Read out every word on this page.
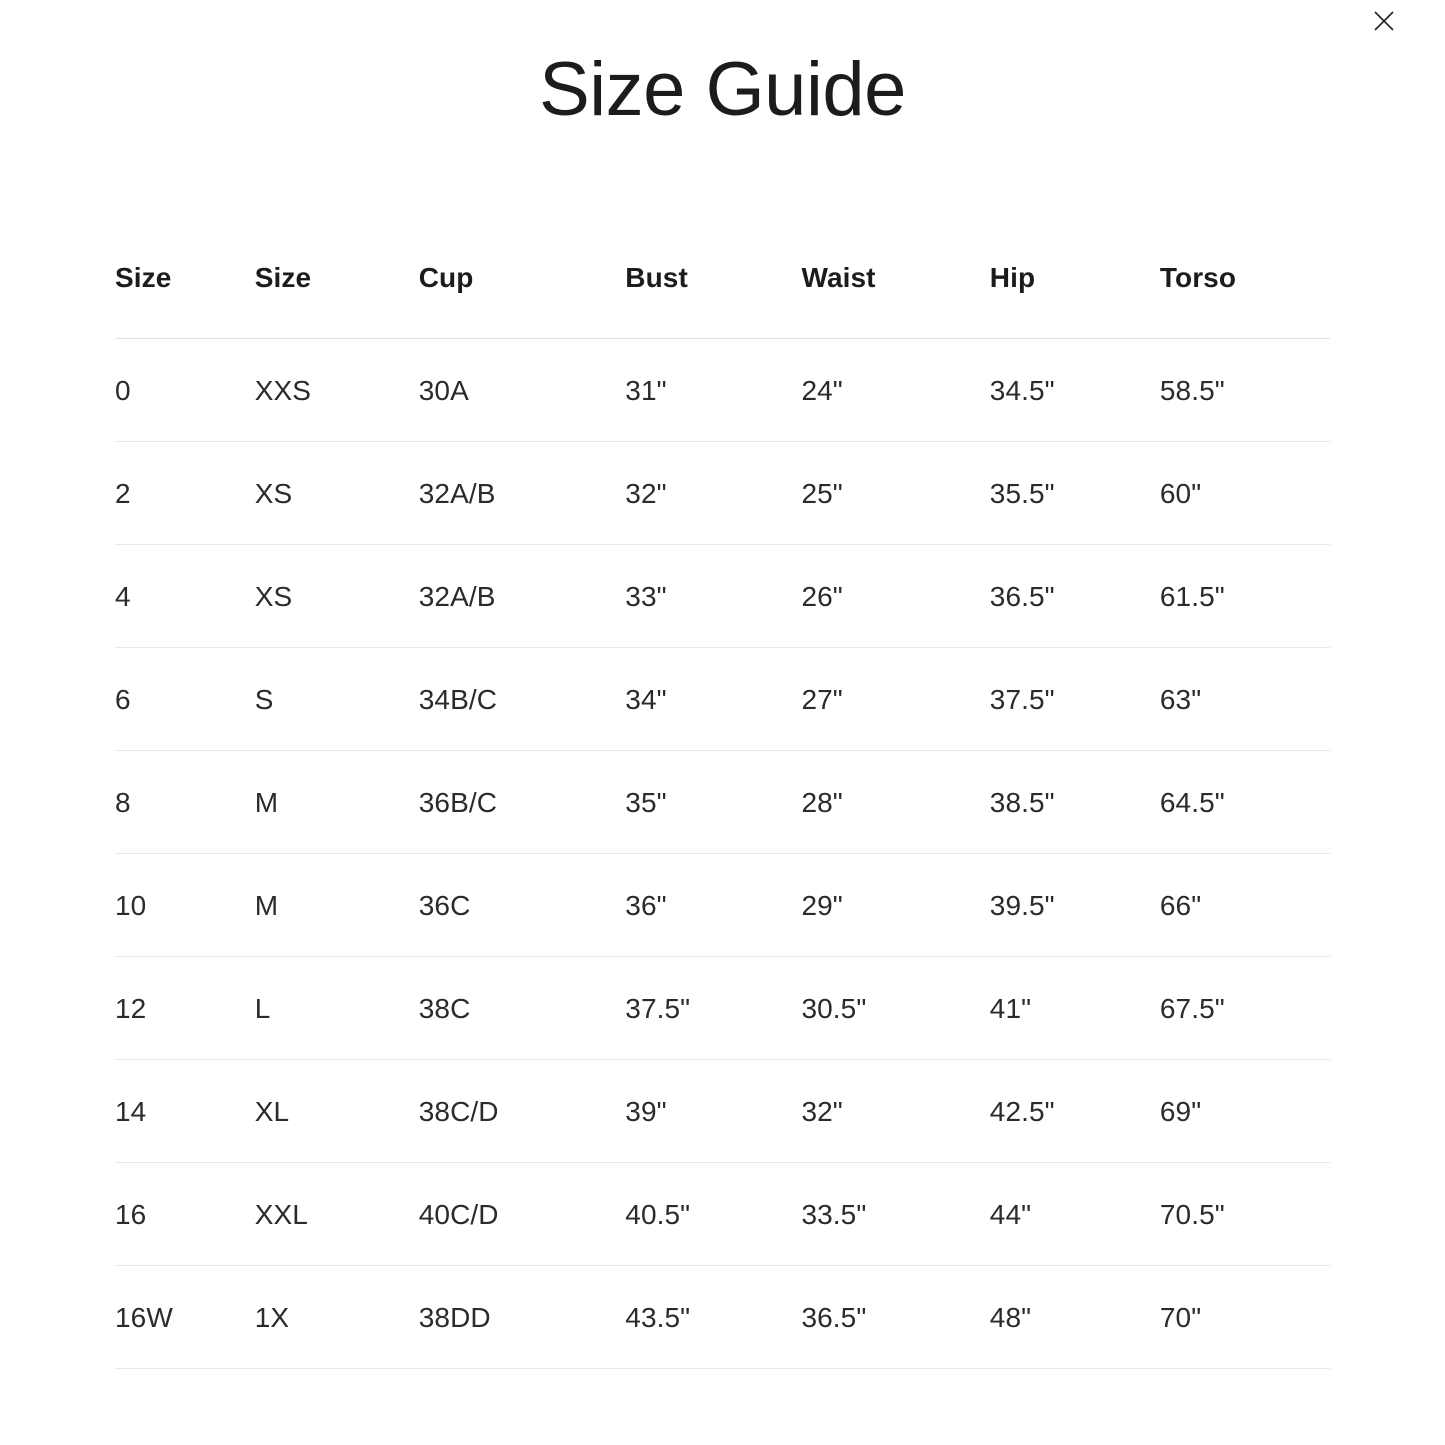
Size Guide
Size	Size	Cup	Bust	Waist	Hip	Torso
0	XXS	30A	31"	24"	34.5"	58.5"
2	XS	32A/B	32"	25"	35.5"	60"
4	XS	32A/B	33"	26"	36.5"	61.5"
6	S	34B/C	34"	27"	37.5"	63"
8	M	36B/C	35"	28"	38.5"	64.5"
10	M	36C	36"	29"	39.5"	66"
12	L	38C	37.5"	30.5"	41"	67.5"
14	XL	38C/D	39"	32"	42.5"	69"
16	XXL	40C/D	40.5"	33.5"	44"	70.5"
16W	1X	38DD	43.5"	36.5"	48"	70"
